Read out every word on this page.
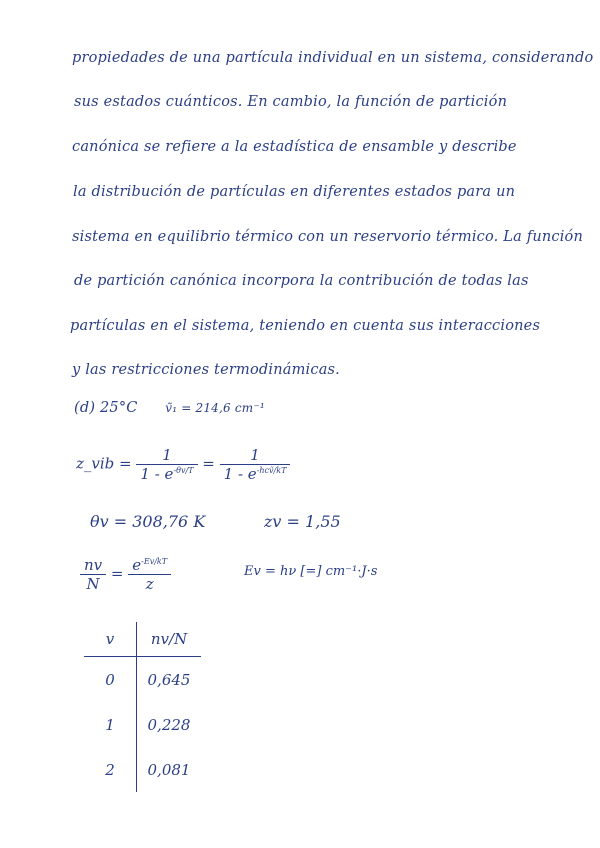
propiedades de una partícula individual en un sistema, considerando
sus estados cuánticos. En cambio, la función de partición
canónica se refiere a la estadística de ensamble y describe
la distribución de partículas en diferentes estados para un
sistema en equilibrio térmico con un reservorio térmico. La función
de partición canónica incorpora la contribución de todas las
partículas en el sistema, teniendo en cuenta sus interacciones
y las restricciones termodinámicas.
(d) 25°C ṽ₁ = 214,6 cm⁻¹
z_vib = $\frac{1}{1 - e^{-\theta v/T}} = \frac{1}{1 - e^{-hcṽ/kT}}$
θv = 308,76 K	zv = 1,55
$\frac{nv}{N} = \frac{e^{-Ev/kT}}{z}$	Ev = hν [=] cm⁻¹·J·s
v	nv/N
0	0,645
1	0,228
2	0,081
